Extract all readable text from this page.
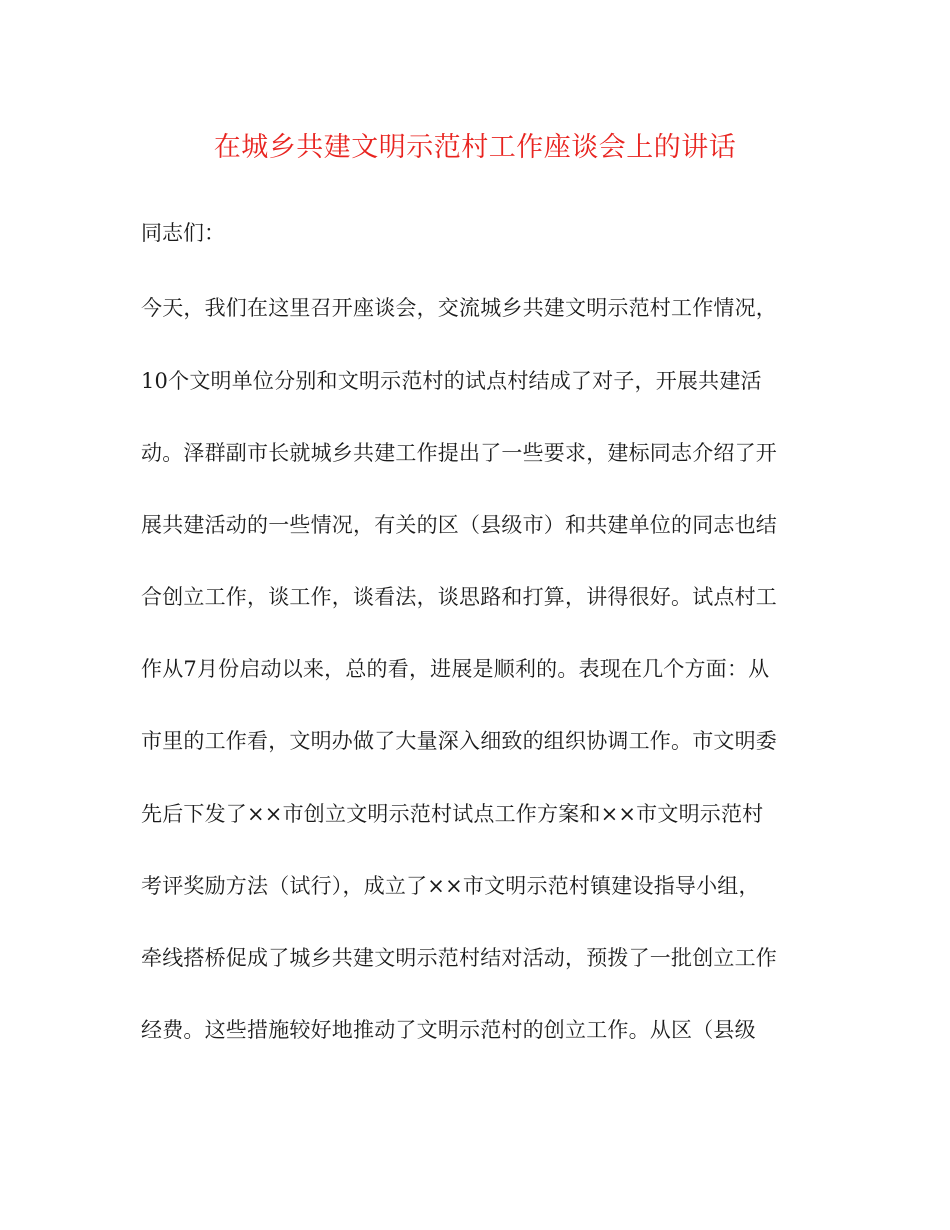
在城乡共建文明示范村工作座谈会上的讲话
同志们：
今天，我们在这里召开座谈会，交流城乡共建文明示范村工作情况，
10个文明单位分别和文明示范村的试点村结成了对子，开展共建活
动。泽群副市长就城乡共建工作提出了一些要求，建标同志介绍了开
展共建活动的一些情况，有关的区（县级市）和共建单位的同志也结
合创立工作，谈工作，谈看法，谈思路和打算，讲得很好。试点村工
作从7月份启动以来，总的看，进展是顺利的。表现在几个方面：从
市里的工作看，文明办做了大量深入细致的组织协调工作。市文明委
先后下发了××市创立文明示范村试点工作方案和××市文明示范村
考评奖励方法（试行），成立了××市文明示范村镇建设指导小组，
牵线搭桥促成了城乡共建文明示范村结对活动，预拨了一批创立工作
经费。这些措施较好地推动了文明示范村的创立工作。从区（县级
